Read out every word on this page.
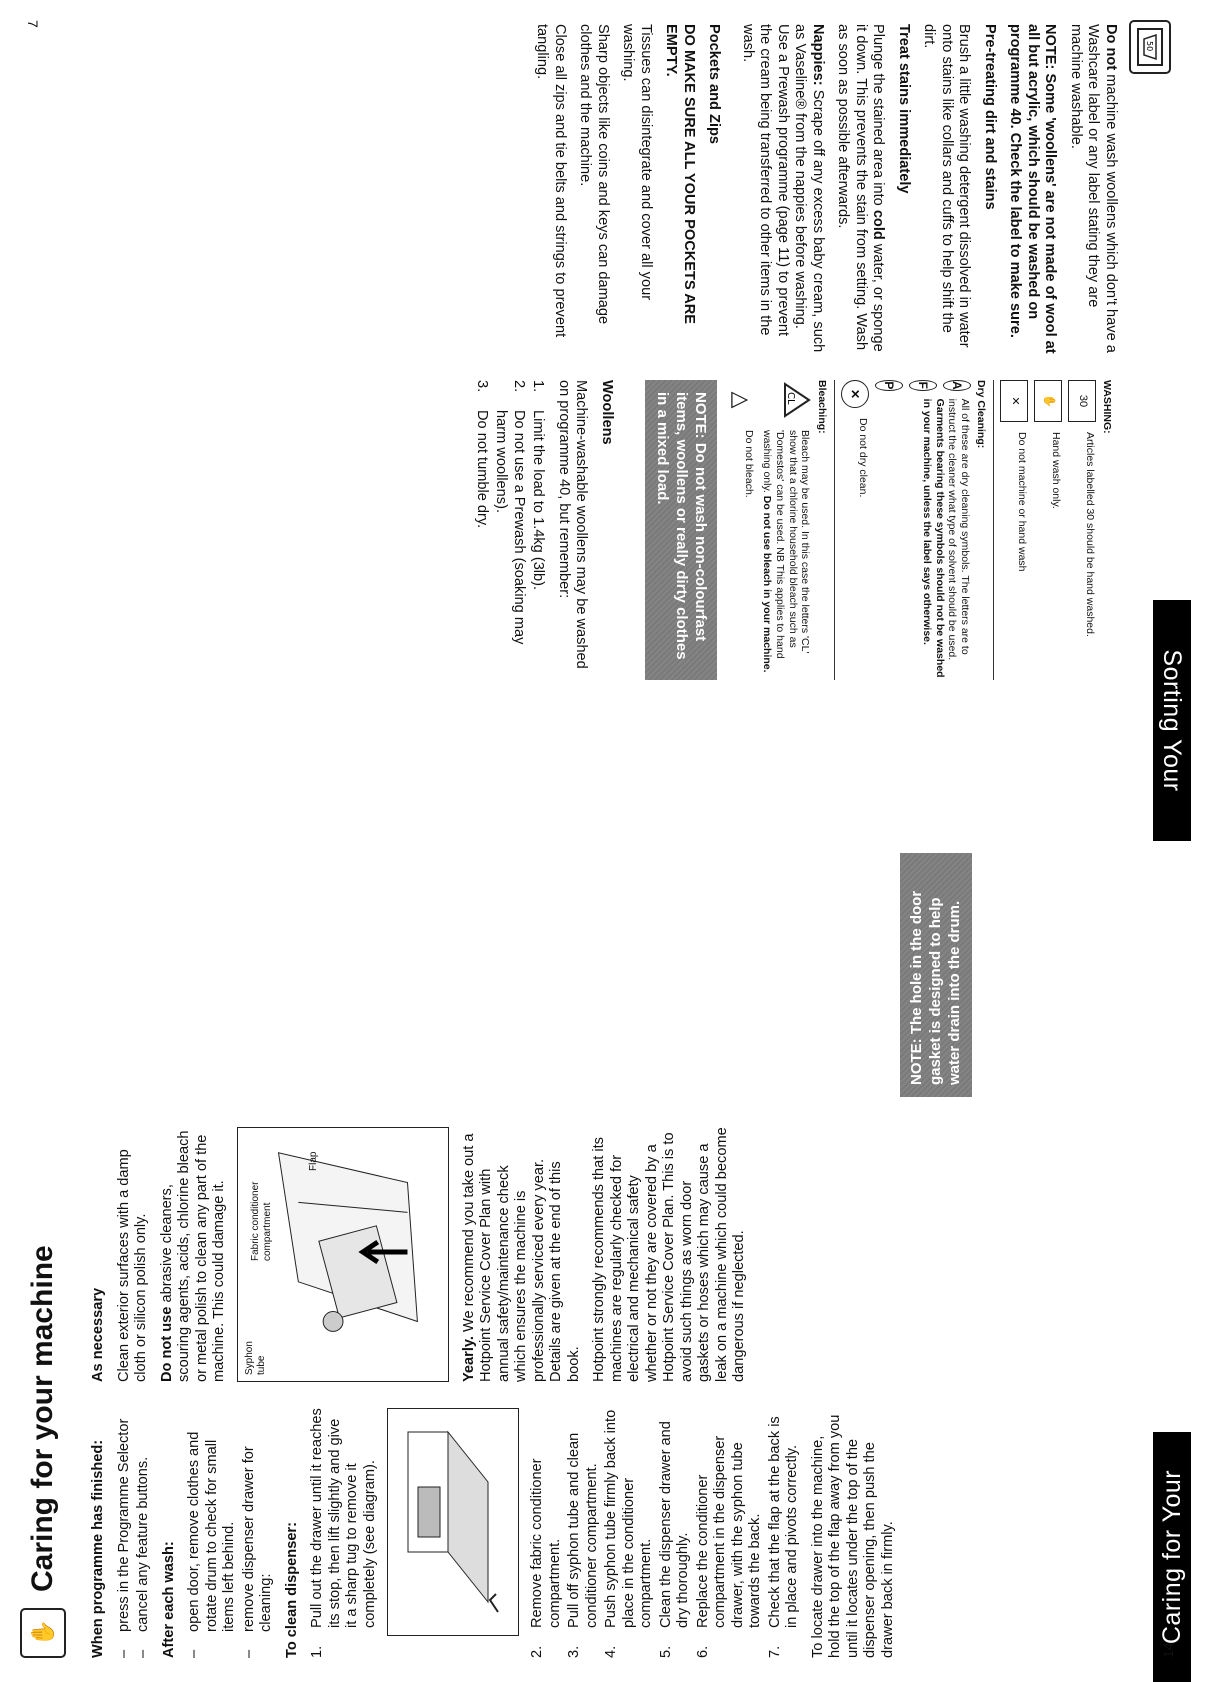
Sorting Your Laundry
50

Do not machine wash woollens which don't have a Washcare label or any label stating they are machine washable.

NOTE: Some 'woollens' are not made of wool at all but acrylic, which should be washed on programme 40. Check the label to make sure.

Pre-treating dirt and stains

Brush a little washing detergent dissolved in water onto stains like collars and cuffs to help shift the dirt.

Treat stains immediately

Plunge the stained area into cold water, or sponge it down. This prevents the stain from setting. Wash as soon as possible afterwards.

Nappies: Scrape off any excess baby cream, such as Vaseline® from the nappies before washing. Use a Prewash programme (page 11) to prevent the cream being transferred to other items in the wash.

Pockets and Zips

DO MAKE SURE ALL YOUR POCKETS ARE EMPTY.

Tissues can disintegrate and cover all your washing.

Sharp objects like coins and keys can damage clothes and the machine.

Close all zips and tie belts and strings to prevent tangling.

WASHING:
30
Articles labelled 30 should be hand washed.
✋
Hand wash only.
✕
Do not machine or hand wash
Dry Cleaning:
A
F
P
All of these are dry cleaning symbols. The letters are to instruct the cleaner what type of solvent should be used.
Garments bearing these symbols should not be washed in your machine, unless the label says otherwise.
✕
Do not dry clean.
Bleaching:
CL
Bleach may be used. In this case the letters 'CL' show that a chlorine household bleach such as 'Domestos' can be used. NB This applies to hand washing only. Do not use bleach in your machine.
△
Do not bleach.
NOTE: Do not wash non-colourfast items, woollens or really dirty clothes in a mixed load.

Woollens

Machine-washable woollens may be washed on programme 40, but remember:

1.
Limit the load to 1.4kg (3lb).
2.
Do not use a Prewash (soaking may harm woollens).
3.
Do not tumble dry.
7
Caring for Your Machine
✋
Caring for your machine When programme has finished: –
press in the Programme Selector
–
cancel any feature buttons. After each wash: –
open door, remove clothes and rotate drum to check for small items left behind.
–
remove dispenser drawer for cleaning: To clean dispenser: 1.
Pull out the drawer until it reaches its stop, then lift slightly and give it a sharp tug to remove it completely (see diagram).
2.
Remove fabric conditioner compartment.
3.
Pull off syphon tube and clean conditioner compartment.
4.
Push syphon tube firmly back into place in the conditioner compartment.
5.
Clean the dispenser drawer and dry thoroughly.
6.
Replace the conditioner compartment in the dispenser drawer, with the syphon tube towards the back.
7.
Check that the flap at the back is in place and pivots correctly. To locate drawer into the machine, hold the top of the flap away from you until it locates under the top of the dispenser opening, then push the drawer back in firmly.

As necessary Clean exterior surfaces with a damp cloth or silicon polish only. Do not use abrasive cleaners, scouring agents, acids, chlorine bleach or metal polish to clean any part of the machine. This could damage it. Syphon tube
Fabric conditioner compartment
Flap

Yearly. We recommend you take out a Hotpoint Service Cover Plan with annual safety/maintenance check which ensures the machine is professionally serviced every year. Details are given at the end of this book. Hotpoint strongly recommends that its machines are regularly checked for electrical and mechanical safety whether or not they are covered by a Hotpoint Service Cover Plan. This is to avoid such things as worn door gaskets or hoses which may cause a leak on a machine which could become dangerous if neglected.

NOTE: The hole in the door gasket is designed to help water drain into the drum.
14
